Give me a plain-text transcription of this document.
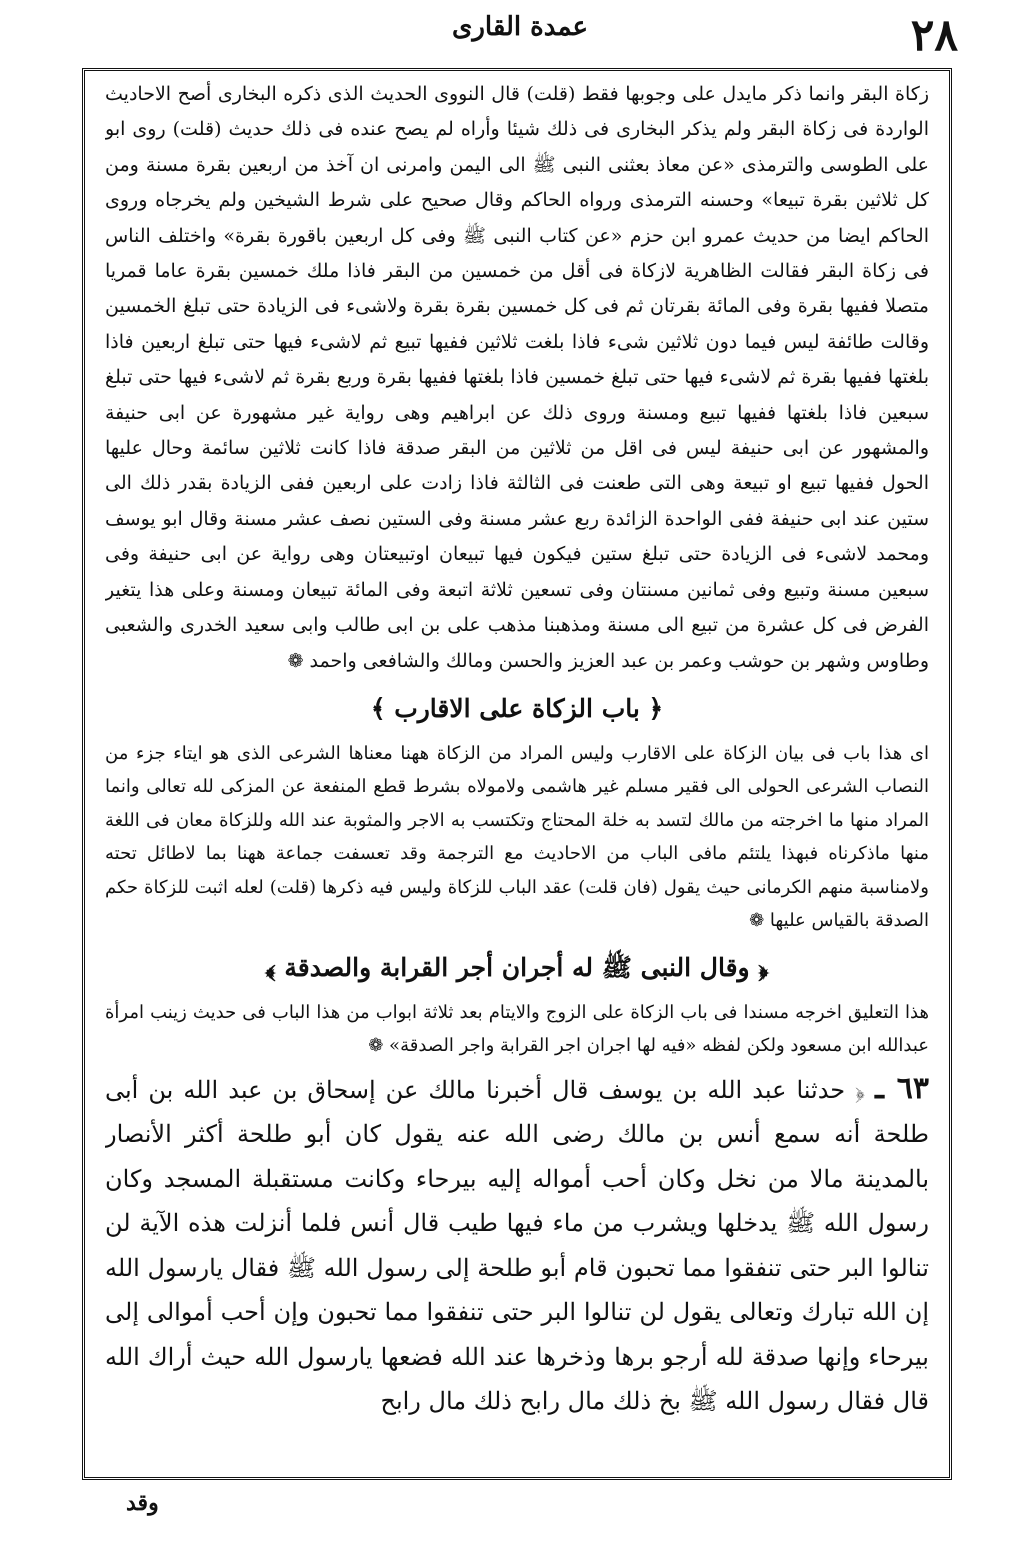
٢٨
عمدة القاری

زكاة البقر وانما ذكر مايدل على وجوبها فقط (قلت) قال النووى الحديث الذى ذكره البخارى أصح الاحاديث الواردة فى زكاة البقر ولم يذكر البخارى فى ذلك شيئا وأراه لم يصح عنده فى ذلك حديث (قلت) روى ابو على الطوسى والترمذى «عن معاذ بعثنى النبى ﷺ الى اليمن وامرنى ان آخذ من اربعين بقرة مسنة ومن كل ثلاثين بقرة تبيعا» وحسنه الترمذى ورواه الحاكم وقال صحيح على شرط الشيخين ولم يخرجاه وروى الحاكم ايضا من حديث عمرو ابن حزم «عن كتاب النبى ﷺ وفى كل اربعين باقورة بقرة» واختلف الناس فى زكاة البقر فقالت الظاهرية لازكاة فى أقل من خمسين من البقر فاذا ملك خمسين بقرة عاما قمريا متصلا ففيها بقرة وفى المائة بقرتان ثم فى كل خمسين بقرة بقرة ولاشىء فى الزيادة حتى تبلغ الخمسين وقالت طائفة ليس فيما دون ثلاثين شىء فاذا بلغت ثلاثين ففيها تبيع ثم لاشىء فيها حتى تبلغ اربعين فاذا بلغتها ففيها بقرة ثم لاشىء فيها حتى تبلغ خمسين فاذا بلغتها ففيها بقرة وربع بقرة ثم لاشىء فيها حتى تبلغ سبعين فاذا بلغتها ففيها تبيع ومسنة وروى ذلك عن ابراهيم وهى رواية غير مشهورة عن ابى حنيفة والمشهور عن ابى حنيفة ليس فى اقل من ثلاثين من البقر صدقة فاذا كانت ثلاثين سائمة وحال عليها الحول ففيها تبيع او تبيعة وهى التى طعنت فى الثالثة فاذا زادت على اربعين ففى الزيادة بقدر ذلك الى ستين عند ابى حنيفة ففى الواحدة الزائدة ربع عشر مسنة وفى الستين نصف عشر مسنة وقال ابو يوسف ومحمد لاشىء فى الزيادة حتى تبلغ ستين فيكون فيها تبيعان اوتبيعتان وهى رواية عن ابى حنيفة وفى سبعين مسنة وتبيع وفى ثمانين مسنتان وفى تسعين ثلاثة اتبعة وفى المائة تبيعان ومسنة وعلى هذا يتغير الفرض فى كل عشرة من تبيع الى مسنة ومذهبنا مذهب على بن ابى طالب وابى سعيد الخدرى والشعبى وطاوس وشهر بن حوشب وعمر بن عبد العزيز والحسن ومالك والشافعى واحمد ❁

﴿ باب الزكاة على الاقارب ﴾

اى هذا باب فى بيان الزكاة على الاقارب وليس المراد من الزكاة ههنا معناها الشرعى الذى هو ايتاء جزء من النصاب الشرعى الحولى الى فقير مسلم غير هاشمى ولامولاه بشرط قطع المنفعة عن المزكى لله تعالى وانما المراد منها ما اخرجته من مالك لتسد به خلة المحتاج وتكتسب به الاجر والمثوبة عند الله وللزكاة معان فى اللغة منها ماذكرناه فبهذا يلتئم مافى الباب من الاحاديث مع الترجمة وقد تعسفت جماعة ههنا بما لاطائل تحته ولامناسبة منهم الكرمانى حيث يقول (فان قلت) عقد الباب للزكاة وليس فيه ذكرها (قلت) لعله اثبت للزكاة حكم الصدقة بالقياس عليها ❁

﴿ وقال النبى ﷺ له أجران أجر القرابة والصدقة ﴾

هذا التعليق اخرجه مسندا فى باب الزكاة على الزوج والايتام بعد ثلاثة ابواب من هذا الباب فى حديث زينب امرأة عبدالله ابن مسعود ولكن لفظه «فيه لها اجران اجر القرابة واجر الصدقة» ❁

٦٣ ـ ﴿ حدثنا عبد الله بن يوسف قال أخبرنا مالك عن إسحاق بن عبد الله بن أبى طلحة أنه سمع أنس بن مالك رضى الله عنه يقول كان أبو طلحة أكثر الأنصار بالمدينة مالا من نخل وكان أحب أمواله إليه بيرحاء وكانت مستقبلة المسجد وكان رسول الله ﷺ يدخلها ويشرب من ماء فيها طيب قال أنس فلما أنزلت هذه الآية لن تنالوا البر حتى تنفقوا مما تحبون قام أبو طلحة إلى رسول الله ﷺ فقال يارسول الله إن الله تبارك وتعالى يقول لن تنالوا البر حتى تنفقوا مما تحبون وإن أحب أموالى إلى بيرحاء وإنها صدقة لله أرجو برها وذخرها عند الله فضعها يارسول الله حيث أراك الله قال فقال رسول الله ﷺ بخ ذلك مال رابح ذلك مال رابح

وقد
